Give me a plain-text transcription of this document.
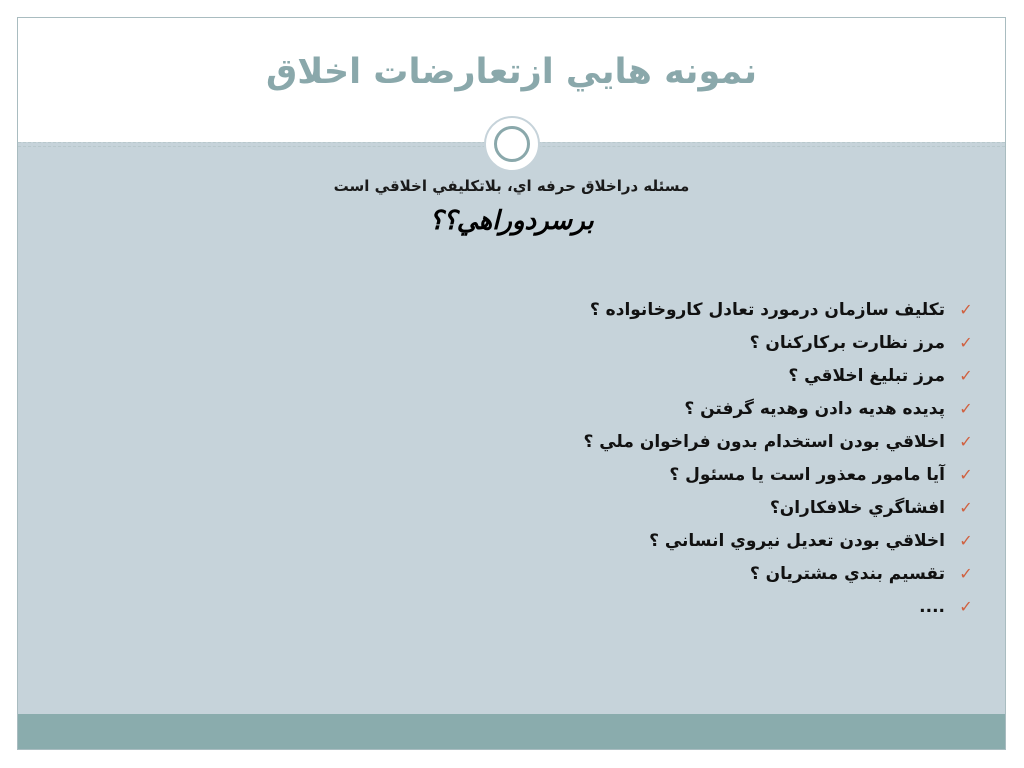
نمونه هايي ازتعارضات اخلاق
مسئله دراخلاق حرفه اي، بلاتكليفي اخلاقي است
برسردوراهي؟؟
✓
تكليف سازمان درمورد تعادل كاروخانواده ؟
✓
مرز نظارت بركاركنان ؟
✓
مرز تبليغ اخلاقي ؟
✓
پديده هديه دادن وهديه گرفتن ؟
✓
اخلاقي بودن استخدام بدون فراخوان ملي ؟
✓
آيا مامور معذور است يا مسئول ؟
✓
افشاگري خلافكاران؟
✓
اخلاقي بودن تعديل نيروي انساني ؟
✓
تقسيم بندي مشتريان ؟
✓
....
